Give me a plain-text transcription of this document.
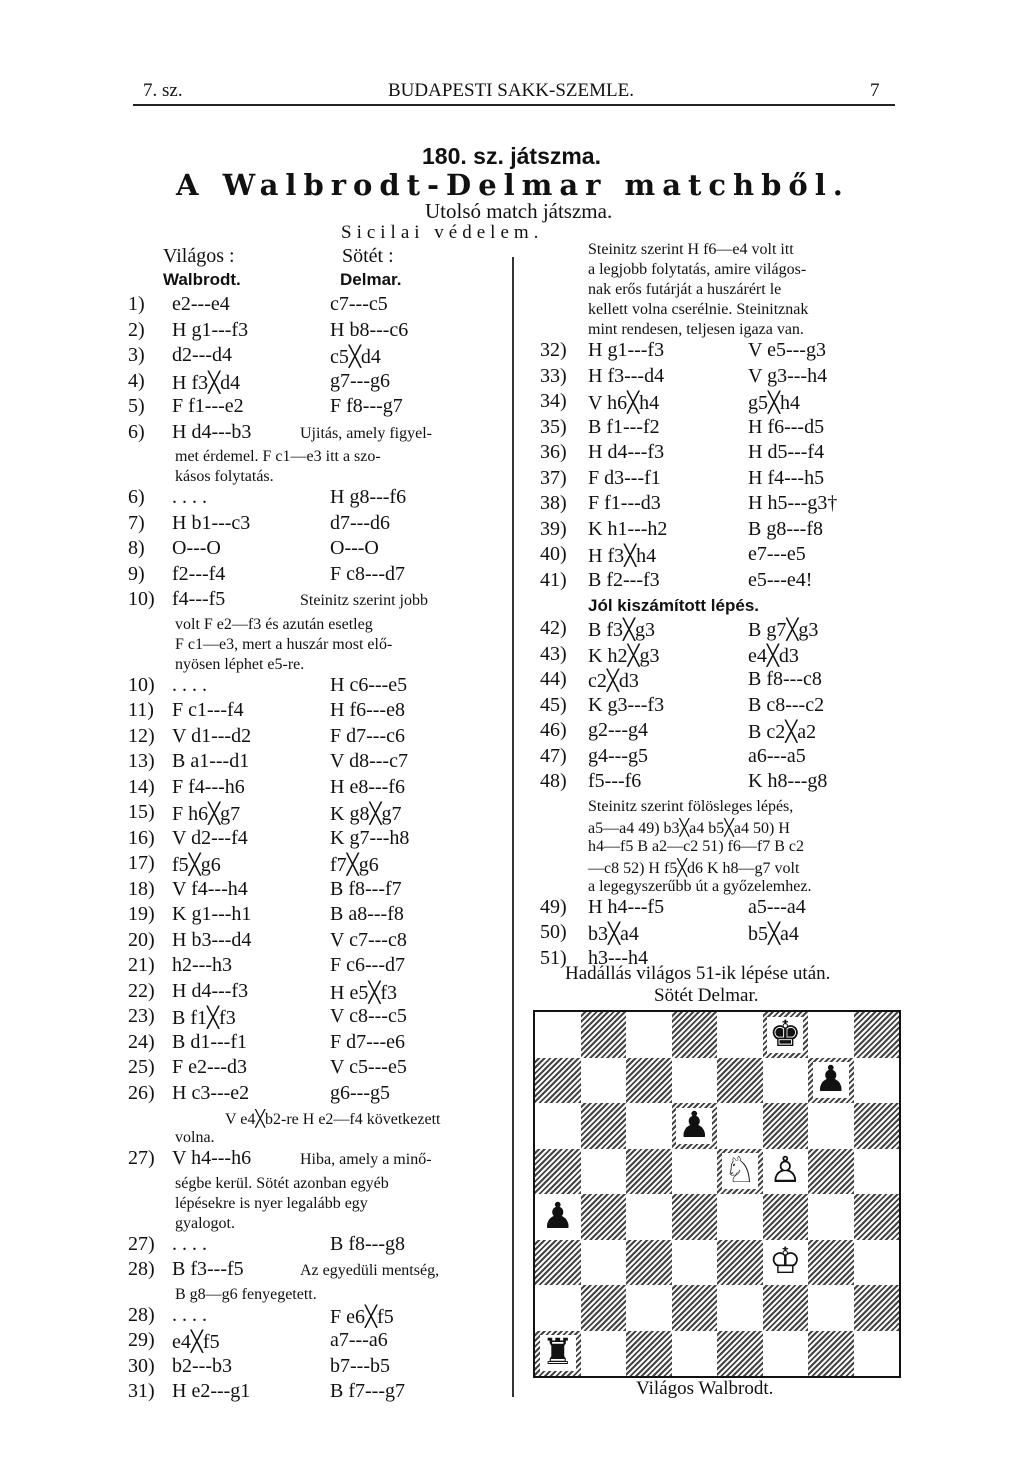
7. sz.	BUDAPESTI SAKK-SZEMLE.	7
180. sz. játszma.
A Walbrodt-Delmar matchből.
Utolsó match játszma.
Sicilai védelem.
Világos :	Sötét :
Walbrodt.	Delmar.
1) e2---e4	c7---c5
2) H g1---f3	H b8---c6
3) d2---d4	c5╳d4
4) H f3╳d4	g7---g6
5) F f1---e2	F f8---g7
6) H d4---b3	Ujitás, amely figyel-
met érdemel. F c1—e3 itt a szo-
kásos folytatás.
6) . . . .	H g8---f6
7) H b1---c3	d7---d6
8) O---O	O---O
9) f2---f4	F c8---d7
10) f4---f5	Steinitz szerint jobb
volt F e2—f3 és azután esetleg
F c1—e3, mert a huszár most elő-
nyösen léphet e5-re.
10) . . . .	H c6---e5
11) F c1---f4	H f6---e8
12) V d1---d2	F d7---c6
13) B a1---d1	V d8---c7
14) F f4---h6	H e8---f6
15) F h6╳g7	K g8╳g7
16) V d2---f4	K g7---h8
17) f5╳g6	f7╳g6
18) V f4---h4	B f8---f7
19) K g1---h1	B a8---f8
20) H b3---d4	V c7---c8
21) h2---h3	F c6---d7
22) H d4---f3	H e5╳f3
23) B f1╳f3	V c8---c5
24) B d1---f1	F d7---e6
25) F e2---d3	V c5---e5
26) H c3---e2	g6---g5
V e4╳b2-re H e2—f4 következett
volna.
27) V h4---h6	Hiba, amely a minő-
ségbe kerül. Sötét azonban egyéb
lépésekre is nyer legalább egy
gyalogot.
27) . . . .	B f8---g8
28) B f3---f5	Az egyedüli mentség,
B g8—g6 fenyegetett.
28) . . . .	F e6╳f5
29) e4╳f5	a7---a6
30) b2---b3	b7---b5
31) H e2---g1	B f7---g7
Steinitz szerint H f6—e4 volt itt
a legjobb folytatás, amire világos-
nak erős futárját a huszárért le
kellett volna cserélnie. Steinitznak
mint rendesen, teljesen igaza van.
32) H g1---f3	V e5---g3
33) H f3---d4	V g3---h4
34) V h6╳h4	g5╳h4
35) B f1---f2	H f6---d5
36) H d4---f3	H d5---f4
37) F d3---f1	H f4---h5
38) F f1---d3	H h5---g3†
39) K h1---h2	B g8---f8
40) H f3╳h4	e7---e5
41) B f2---f3	e5---e4!
Jól kiszámított lépés.
42) B f3╳g3	B g7╳g3
43) K h2╳g3	e4╳d3
44) c2╳d3	B f8---c8
45) K g3---f3	B c8---c2
46) g2---g4	B c2╳a2
47) g4---g5	a6---a5
48) f5---f6	K h8---g8
Steinitz szerint fölösleges lépés,
a5—a4 49) b3╳a4 b5╳a4 50) H
h4—f5 B a2—c2 51) f6—f7 B c2
—c8 52) H f5╳d6 K h8—g7 volt
a legegyszerűbb út a győzelemhez.
49) H h4---f5	a5---a4
50) b3╳a4	b5╳a4
51) h3---h4
Hadállás világos 51-ik lépése után.
Sötét Delmar.
♚
♟
♟
♘ ♙
♟
♔
♜
Világos Walbrodt.
